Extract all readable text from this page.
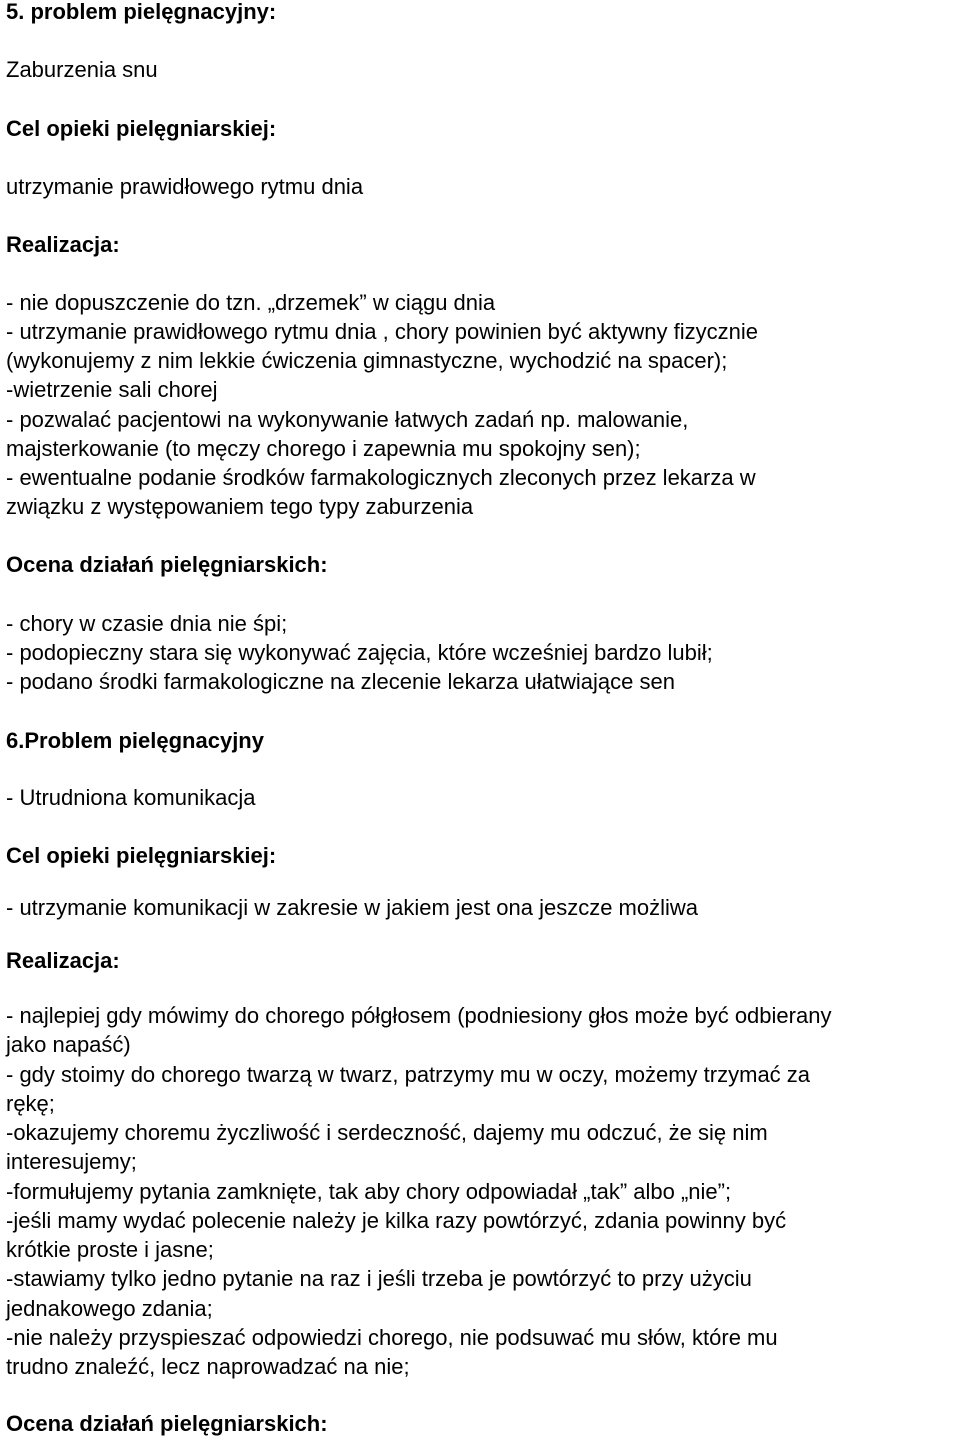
5. problem pielęgnacyjny:
Zaburzenia snu
Cel opieki pielęgniarskiej:
utrzymanie prawidłowego rytmu dnia
Realizacja:
- nie dopuszczenie do tzn. „drzemek” w ciągu dnia
- utrzymanie prawidłowego rytmu dnia , chory powinien być aktywny fizycznie
(wykonujemy z nim lekkie ćwiczenia gimnastyczne, wychodzić na spacer);
-wietrzenie sali chorej
- pozwalać pacjentowi na wykonywanie łatwych zadań np. malowanie,
majsterkowanie (to męczy chorego i zapewnia mu spokojny sen);
- ewentualne podanie środków farmakologicznych zleconych przez lekarza w
związku z występowaniem tego typy zaburzenia
Ocena działań pielęgniarskich:
- chory w czasie dnia nie śpi;
- podopieczny stara się wykonywać zajęcia, które wcześniej bardzo lubił;
- podano środki farmakologiczne na zlecenie lekarza ułatwiające sen
6.Problem pielęgnacyjny
- Utrudniona komunikacja
Cel opieki pielęgniarskiej:
- utrzymanie komunikacji w zakresie w jakiem jest ona jeszcze możliwa
Realizacja:
- najlepiej gdy mówimy do chorego półgłosem (podniesiony głos może być odbierany
jako napaść)
- gdy stoimy do chorego twarzą w twarz, patrzymy mu w oczy, możemy trzymać za
rękę;
-okazujemy choremu życzliwość i serdeczność, dajemy mu odczuć, że się nim
interesujemy;
-formułujemy pytania zamknięte, tak aby chory odpowiadał „tak” albo „nie”;
-jeśli mamy wydać polecenie należy je kilka razy powtórzyć, zdania powinny być
krótkie proste i jasne;
-stawiamy tylko jedno pytanie na raz i jeśli trzeba je powtórzyć to przy użyciu
jednakowego zdania;
-nie należy przyspieszać odpowiedzi chorego, nie podsuwać mu słów, które mu
trudno znaleźć, lecz naprowadzać na nie;
Ocena działań pielęgniarskich:
